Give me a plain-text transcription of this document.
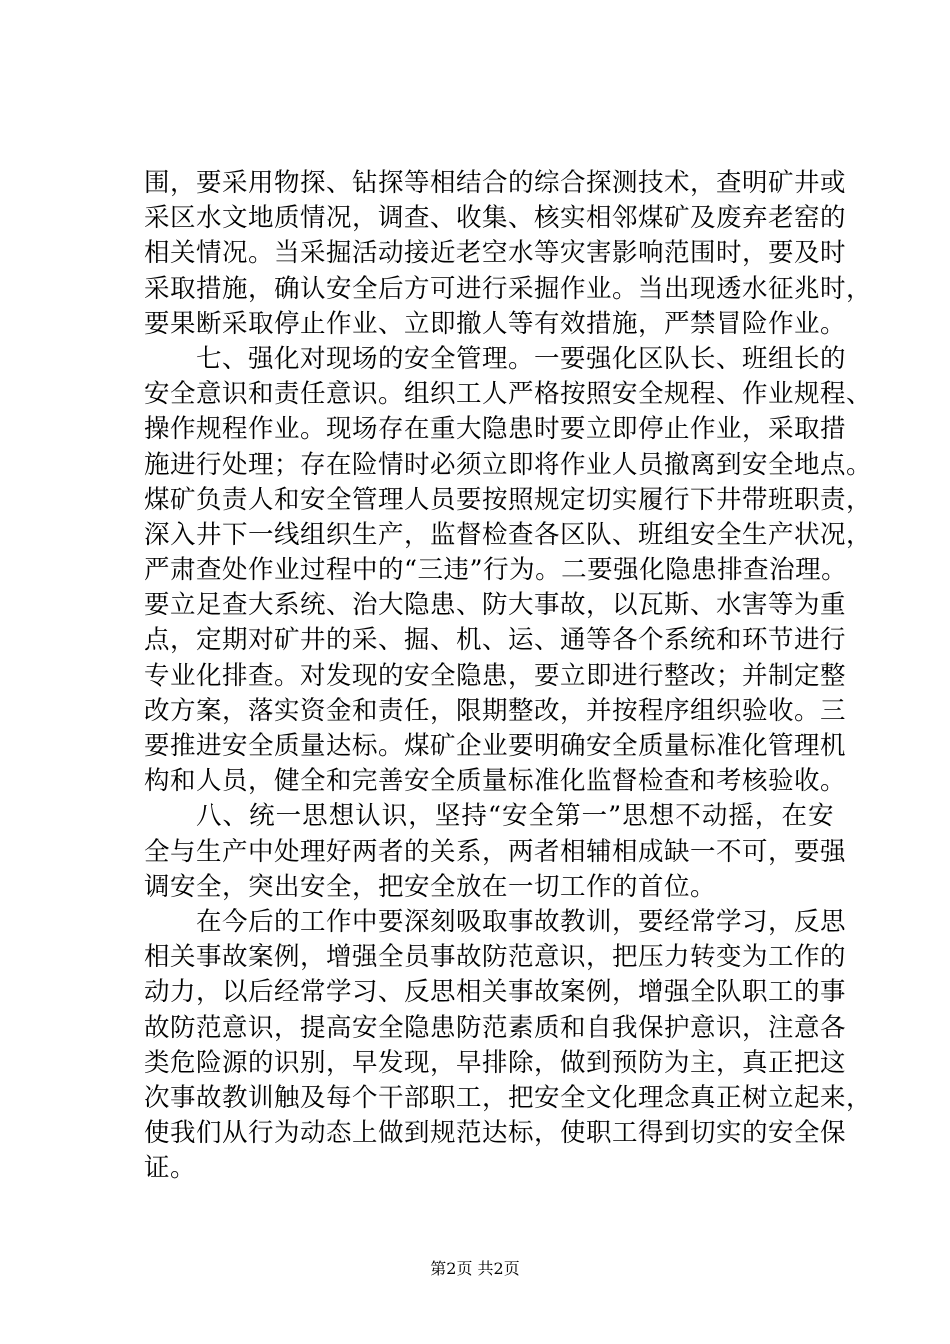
围，要采用物探、钻探等相结合的综合探测技术，查明矿井或
采区水文地质情况，调查、收集、核实相邻煤矿及废弃老窑的
相关情况。当采掘活动接近老空水等灾害影响范围时，要及时
采取措施，确认安全后方可进行采掘作业。当出现透水征兆时，
要果断采取停止作业、立即撤人等有效措施，严禁冒险作业。
七、强化对现场的安全管理。一要强化区队长、班组长的
安全意识和责任意识。组织工人严格按照安全规程、作业规程、
操作规程作业。现场存在重大隐患时要立即停止作业，采取措
施进行处理；存在险情时必须立即将作业人员撤离到安全地点。
煤矿负责人和安全管理人员要按照规定切实履行下井带班职责，
深入井下一线组织生产，监督检查各区队、班组安全生产状况，
严肃查处作业过程中的“三违”行为。二要强化隐患排查治理。
要立足查大系统、治大隐患、防大事故，以瓦斯、水害等为重
点，定期对矿井的采、掘、机、运、通等各个系统和环节进行
专业化排查。对发现的安全隐患，要立即进行整改；并制定整
改方案，落实资金和责任，限期整改，并按程序组织验收。三
要推进安全质量达标。煤矿企业要明确安全质量标准化管理机
构和人员，健全和完善安全质量标准化监督检查和考核验收。
八、统一思想认识，坚持“安全第一”思想不动摇，在安
全与生产中处理好两者的关系，两者相辅相成缺一不可，要强
调安全，突出安全，把安全放在一切工作的首位。
在今后的工作中要深刻吸取事故教训，要经常学习，反思
相关事故案例，增强全员事故防范意识，把压力转变为工作的
动力，以后经常学习、反思相关事故案例，增强全队职工的事
故防范意识，提高安全隐患防范素质和自我保护意识，注意各
类危险源的识别，早发现，早排除，做到预防为主，真正把这
次事故教训触及每个干部职工，把安全文化理念真正树立起来，
使我们从行为动态上做到规范达标，使职工得到切实的安全保
证。
第2页 共2页
